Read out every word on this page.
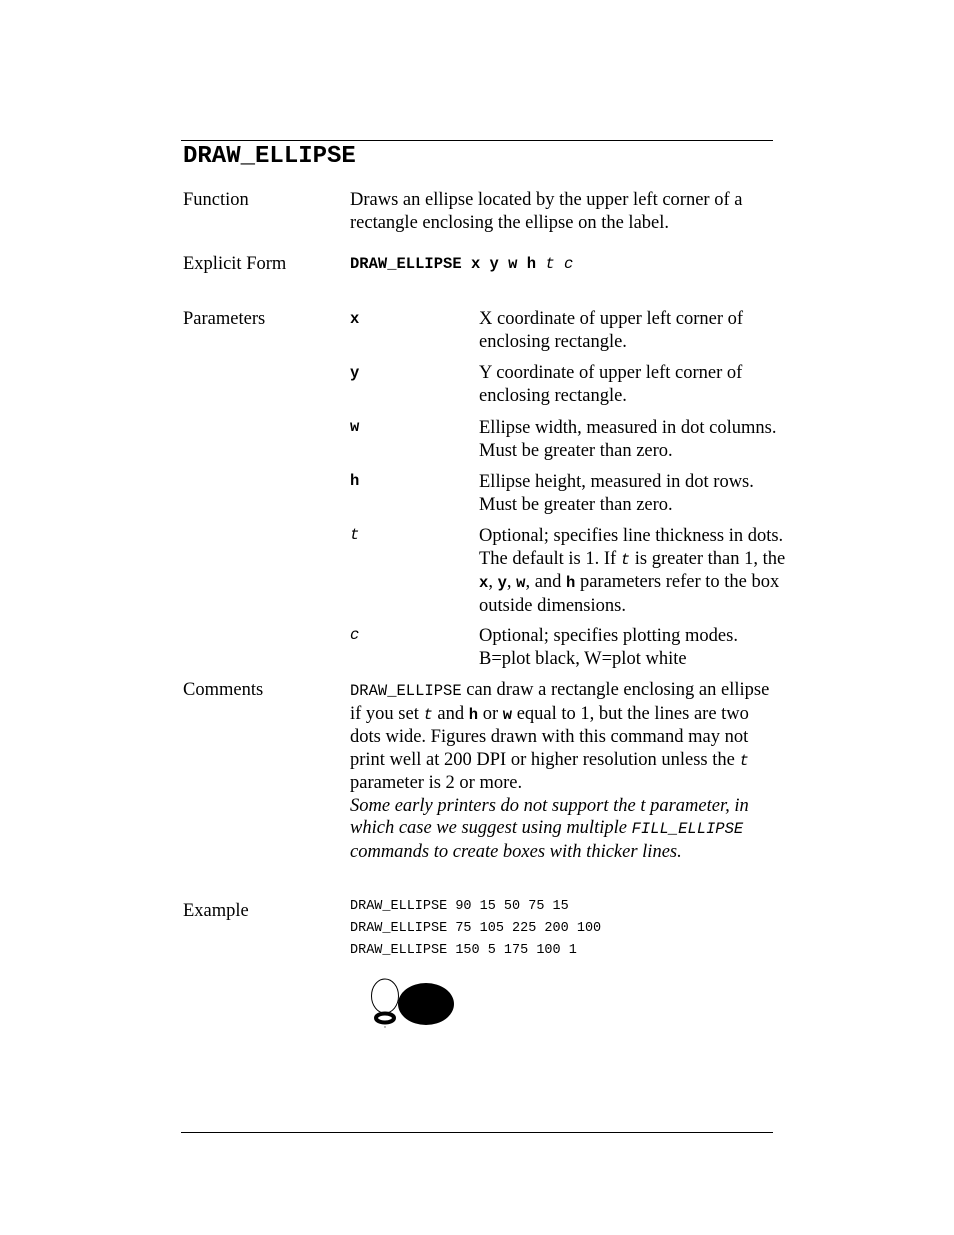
DRAW_ELLIPSE
Function	Draws an ellipse located by the upper left corner of a rectangle enclosing the ellipse on the label.
Explicit Form	DRAW_ELLIPSE x y w h t c
Parameters	x	X coordinate of upper left corner of enclosing rectangle.
y	Y coordinate of upper left corner of enclosing rectangle.
w	Ellipse width, measured in dot columns. Must be greater than zero.
h	Ellipse height, measured in dot rows. Must be greater than zero.
t	Optional; specifies line thickness in dots. The default is 1. If t is greater than 1, the x, y, w, and h parameters refer to the box outside dimensions.
c	Optional; specifies plotting modes.
B=plot black, W=plot white
Comments	DRAW_ELLIPSE can draw a rectangle enclosing an ellipse if you set t and h or w equal to 1, but the lines are two dots wide. Figures drawn with this command may not print well at 200 DPI or higher resolution unless the t parameter is 2 or more.
Some early printers do not support the t parameter, in which case we suggest using multiple FILL_ELLIPSE commands to create boxes with thicker lines.
Example	DRAW_ELLIPSE 90 15 50 75 15
DRAW_ELLIPSE 75 105 225 200 100
DRAW_ELLIPSE 150 5 175 100 1
